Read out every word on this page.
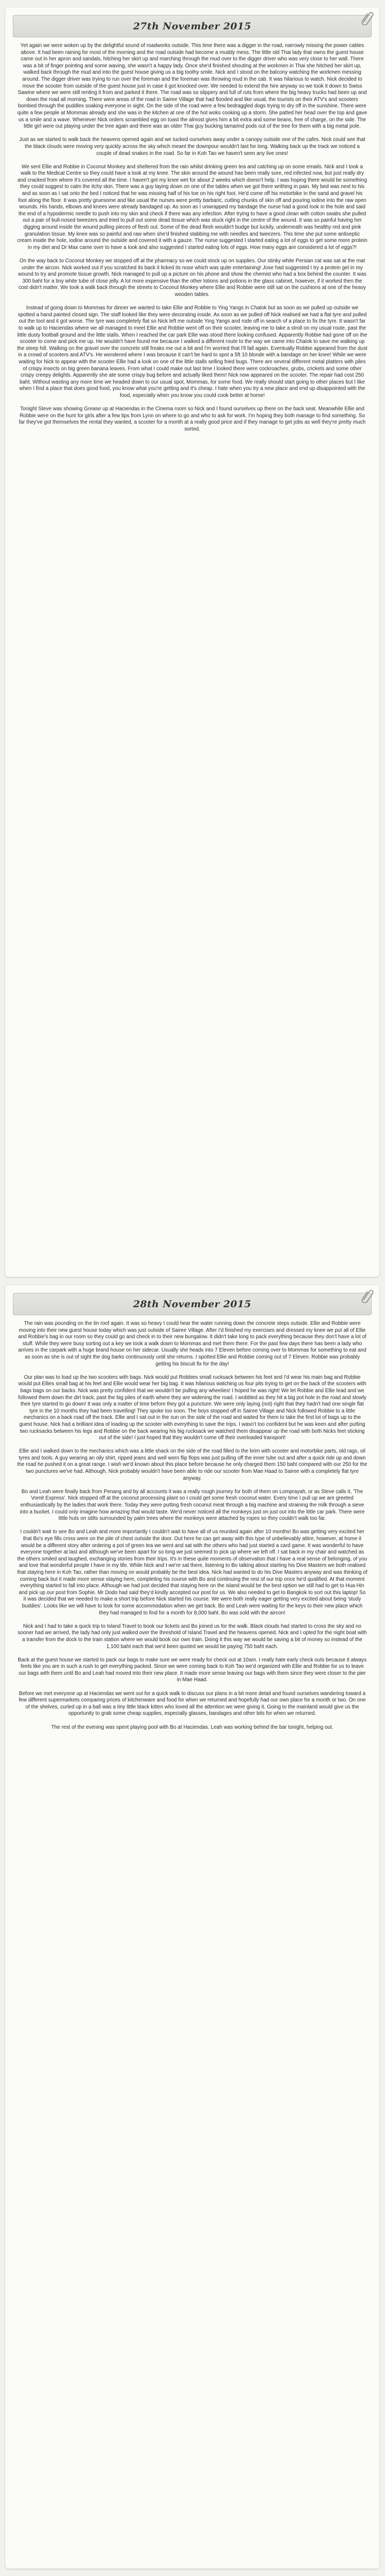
27th November 2015

Yet again we were woken up by the delightful sound of roadworks outside. This time there was a digger in the road, narrowly missing the power cables above. It had been raining for most of the morning and the road outside had become a muddy mess. The little old Thai lady that owns the guest house came out in her apron and sandals, hitching her skirt up and marching through the mud over to the digger driver who was very close to her wall. There was a bit of finger pointing and some waving, she wasn't a happy lady. Once she'd finished shouting at the workmen in Thai she hitched her skirt up, walked back through the mud and into the guest house giving us a big toothy smile. Nick and I stood on the balcony watching the workmen messing around. The digger driver was trying to run over the foreman and the foreman was throwing mud in the cab. It was hilarious to watch. Nick decided to move the scooter from outside of the guest house just in case it got knocked over. We needed to extend the hire anyway so we took it down to Swiss Sawine where we were still renting it from and parked it there. The road was so slippery and full of ruts from where the big heavy trucks had been up and down the road all morning. There were areas of the road in Sairee Village that had flooded and like usual, the tourists on their ATV's and scooters bombed through the puddles soaking everyone in sight. On the side of the road were a few bedraggled dogs trying to dry off in the sunshine. There were quite a few people at Mommas already and she was in the kitchen at one of the hot woks cooking up a storm. She patted her head over the top and gave us a smile and a wave. Whenever Nick orders scrambled egg on toast the almost gives him a bit extra and some beans, free of charge, on the side. The little girl were out playing under the tree again and there was an older Thai guy bucking tamarind pods out of the tree for them with a big metal pole.

Just as we started to walk back the heavens opened again and we tucked ourselves away under a canopy outside one of the cafes. Nick could see that the black clouds were moving very quickly across the sky which meant the downpour wouldn't last for long. Walking back up the track we noticed a couple of dead snakes in the road. So far in Koh Tao we haven't seen any live ones!

We sent Ellie and Robbie in Coconut Monkey and sheltered from the rain whilst drinking green tea and catching up on some emails. Nick and I took a walk to the Medical Centre so they could have a look at my knee. The skin around the wound has been really sore, red infected now, but just really dry and cracked from where it's covered all the time. I haven't got my knee wet for about 2 weeks which doesn't help. I was hoping there would be something they could suggest to calm the itchy skin. There was a guy laying down on one of the tables when we got there writhing in pain. My bed was next to his and as soon as I sat onto the bed I noticed that he was missing half of his toe on his right foot. He'd come off his motorbike in the sand and gravel his foot along the floor. It was pretty gruesome and like usual the nurses were pretty barbaric, cutting chunks of skin off and pouring iodine into the raw open wounds. His hands, elbows and knees were already bandaged up. As soon as I unwrapped my bandage the nurse had a good look in the hole and said the end of a hypodermic needle to push into my skin and check if there was any infection. After trying to have a good clean with cotton swabs she pulled out a pair of bull-nosed tweezers and tried to pull out some dead tissue which was stuck right in the centre of the wound. It was so painful having her digging around inside the wound pulling pieces of flesh out. Some of the dead flesh wouldn't budge but luckily, underneath was healthy red and pink granulation tissue. My knee was so painful and raw when she'd finished stabbing me with needles and tweezers. This time she put some antiseptic cream inside the hole, iodine around the outside and covered it with a gauze. The nurse suggested I started eating a lot of eggs to get some more protein in my diet and Dr Max came over to have a look and also suggested I started eating lots of eggs. How many eggs are considered a lot of eggs?!

On the way back to Coconut Monkey we stopped off at the pharmacy so we could stock up on supplies. Our stinky white Persian cat was sat at the mat under the aircon. Nick worked out if you scratched its back it licked its nose which was quite entertaining! Jose had suggested I try a protein gel in my wound to try and promote tissue growth. Nick managed to pull up a picture on his phone and show the chemist who had a box behind the counter. It was 300 baht for a tiny white tube of close jelly. A lot more expensive than the other lotions and potions in the glass cabinet, however, if it worked then the cost didn't matter. We took a walk back through the streets to Coconut Monkey where Ellie and Robbie were still sat on the cushions at one of the heavy wooden tables.

Instead of going down to Mommas for dinner we wanted to take Ellie and Robbie to Ying Yangs in Chalok but as soon as we pulled up outside we spotted a hand painted closed sign. The staff looked like they were decorating inside. As soon as we pulled off Nick realised we had a flat tyre and pulled out the tool and it got worse. The tyre was completely flat so Nick left me outside Ying Yangs and rode off in search of a place to fix the tyre. It wasn't far to walk up to Haciendas where we all managed to meet Ellie and Robbie went off on their scooter, leaving me to take a stroll on my usual route, past the little dusty football ground and the little stalls. When I reached the car park Ellie was stood there looking confused. Apparently Robbie had gone off on the scooter to come and pick me up. He wouldn't have found me because I walked a different route to the way we came into Chalok to save me walking up the steep hill. Walking on the gravel over the concrete still freaks me out a bit and I'm worried that I'll fall again. Eventually Robbie appeared from the dust in a crowd of scooters and ATV's. He wondered where I was because it can't be hard to spot a 5ft 10 blonde with a bandage on her knee! While we were waiting for Nick to appear with the scooter Ellie had a look on one of the little stalls selling fried bugs. There are several different metal platters with piles of crispy insects on big green banana leaves. From what I could make out last time I looked there were cockroaches, grubs, crickets and some other crispy creepy delights. Apparently she ate some crispy bug before and actually liked them! Nick now appeared on the scooter. The repair had cost 250 baht. Without wasting any more time we headed down to our usual spot, Mommas, for some food. We really should start going to other places but I like when I find a place that does good food, you know what you're getting and it's cheap. I hate when you try a new place and end up disappointed with the food, especially when you know you could cook better at home!

Tonight Steve was showing Grease up at Haciendas in the Cinema room so Nick and I found ourselves up there on the back seat. Meanwhile Ellie and Robbie were on the hunt for girls after a few tips from Lynn on where to go and who to ask for work. I'm hoping they both manage to find something. So far they've got themselves the rental they wanted, a scooter for a month at a really good price and if they manage to get jobs as well they're pretty much sorted.

28th November 2015

The rain was pounding on the tin roof again. It was so heavy I could hear the water running down the concrete steps outside. Ellie and Robbie were moving into their new guest house today which was just outside of Sairee Village. After I'd finished my exercises and dressed my knee we put all of Ellie and Robbie's bag in our room so they could go and check in to their new bungalow. It didn't take long to pack everything because they don't have a lot of stuff. While they were busy sorting out a key we took a walk down to Mommas and met them there. For the past few days there has been a lady who arrives in the carpark with a huge brand house on her sidecar. Usually she heads into 7 Eleven before coming over to Mommas for something to eat and as soon as she is out of sight the dog barks continuously until she returns. I spotted Ellie and Robbie coming out of 7 Eleven. Robbie was probably getting his biscuit fix for the day!

Our plan was to load up the two scooters with bags. Nick would put Robbies small rucksack between his feet and I'd wear his main bag and Robbie would put Ellies small bag at his feet and Ellie would wear her big bag. It was hilarious watching us four pits trying to get on the back of the scooters with bags bags on our backs. Nick was pretty confident that we wouldn't be pulling any wheelies! I hoped he was right! We let Robbie and Ellie lead and we followed them down the dirt track, past the big piles of earth where they are widening the road. I wobbled as they hit a big pot hole in the road and slowly their tyre started to go down! It was only a matter of time before they got a puncture. We were only laying (not) right that they hadn't had one single flat tyre in the 10 months they had been travelling! They spoke too soon. The boys stopped off in Sairee Village and Nick followed Robbie to a little mechanics on a back road off the track. Ellie and I sat out in the sun on the side of the road and waited for them to take the first lot of bags up to the guest house. Nick had a brilliant idea of loading up the scooter with everything to save the trips. I wasn't too confident but he was keen and after putting two rucksacks between his legs and Robbie on the back wearing his big rucksack we watched them disappear up the road with both Nicks feet sticking out of the side! I just hoped that they wouldn't come off their overloaded transport!

Ellie and I walked down to the mechanics which was a little shack on the side of the road filled to the brim with scooter and motorbike parts, old rags, oil tyres and tools. A guy wearing an oily shirt, ripped jeans and well worn flip flops was just pulling off the inner tube out and after a quick ride up and down the road he pushed it on a great range. I wish we'd known about this place before because he only charged them 150 baht compared with our 250 for the two punctures we've had. Although, Nick probably wouldn't have been able to ride our scooter from Mae Haad to Sairee with a completely flat tyre anyway.

Bo and Leah were finally back from Penang and by all accounts it was a really rough journey for both of them on Lomprayah, or as Steve calls it, 'The Vomit Express'. Nick stopped off at the coconut processing plant so I could get some fresh coconut water. Every time I pull up we are greeted enthusiastically by the ladies that work there. Today they were putting fresh coconut meat through a big machine and straining the milk through a sieve into a bucket. I could only imagine how amazing that would taste. We'd never noticed all the monkeys just on just out into the little car park. There were little huts on stilts surrounded by palm trees where the monkeys were attached by ropes so they couldn't walk too far.

I couldn't wait to see Bo and Leah and more importantly I couldn't wait to have all of us reunited again after 10 months! Bo was getting very excited her that Bo's eye fills cross were on the pile of chest outside the door. Out here he can get away with this type of unbelievably attire, however, at home it would be a different story after ordering a pot of green tea we went and sat with the others who had just started a card game. It was wonderful to have everyone together at last and although we've been apart for so long we just seemed to pick up where we left off. I sat back in my chair and watched as the others smiled and laughed, exchanging stories from their trips. It's in these quite moments of observation that I have a real sense of belonging, of you and love that wonderful people I have in my life. While Nick and I we're sat there, listening to Bo talking about starting his Dive Masters we both realised that staying here in Koh Tao, rather than moving on would probably be the best idea. Nick had wanted to do his Dive Masters anyway and was thinking of coming back but it made more sense staying here, completing his course with Bo and continuing the rest of our trip once he'd qualified. At that moment everything started to fall into place. Although we had just decided that staying here on the island would be the best option we still had to get to Hua Hin and pick up our post from Sophie. Mr Dodo had said they'd kindly accepted our post for us. We also needed to get to Bangkok to sort out this laptop! So it was decided that we needed to make a short trip before Nick started his course. We were both really eager getting very excited about being 'study buddies'. Looks like we will have to look for some accommodation when we get back. Bo and Leah were waiting for the keys to their new place which they had managed to find for a month for 8,000 baht. Bo was sold with the aircon!

Nick and I had to take a quick trip to Island Travel to book our tickets and Bo joined us for the walk. Black clouds had started to cross the sky and no sooner had we arrived, the lady had only just walked over the threshold of Island Travel and the heavens opened. Nick and I opted for the night boat with a transfer from the dock to the train station where we would book our own train. Doing it this way we would be saving a bit of money so instead of the 1,100 baht each that we'd been quoted we would be paying 750 baht each.

Back at the guest house we started to pack our bags to make sure we were ready for check out at 10am. I really hate early check outs because it always feels like you are in such a rush to get everything packed. Since we were coming back to Koh Tao we'd organized with Ellie and Robbie for us to leave our bags with them until Bo and Leah had moved into their new place. It made more sense leaving our bags with them since they were closer to the pier in Mae Haad.

Before we met everyone up at Haciendas we went out for a quick walk to discuss our plans in a bit more detail and found ourselves wandering toward a few different supermarkets comparing prices of kitchenware and food for when we returned and hopefully had our own place for a month or two. On one of the shelves, curled up in a ball was a tiny little black kitten who loved all the attention we were giving it. Going to the mainland would give us the opportunity to grab some cheap supplies, especially glasses, bandages and other bits for when we returned.

The rest of the evening was spent playing pool with Bo at Haciendas. Leah was working behind the bar tonight, helping out.
